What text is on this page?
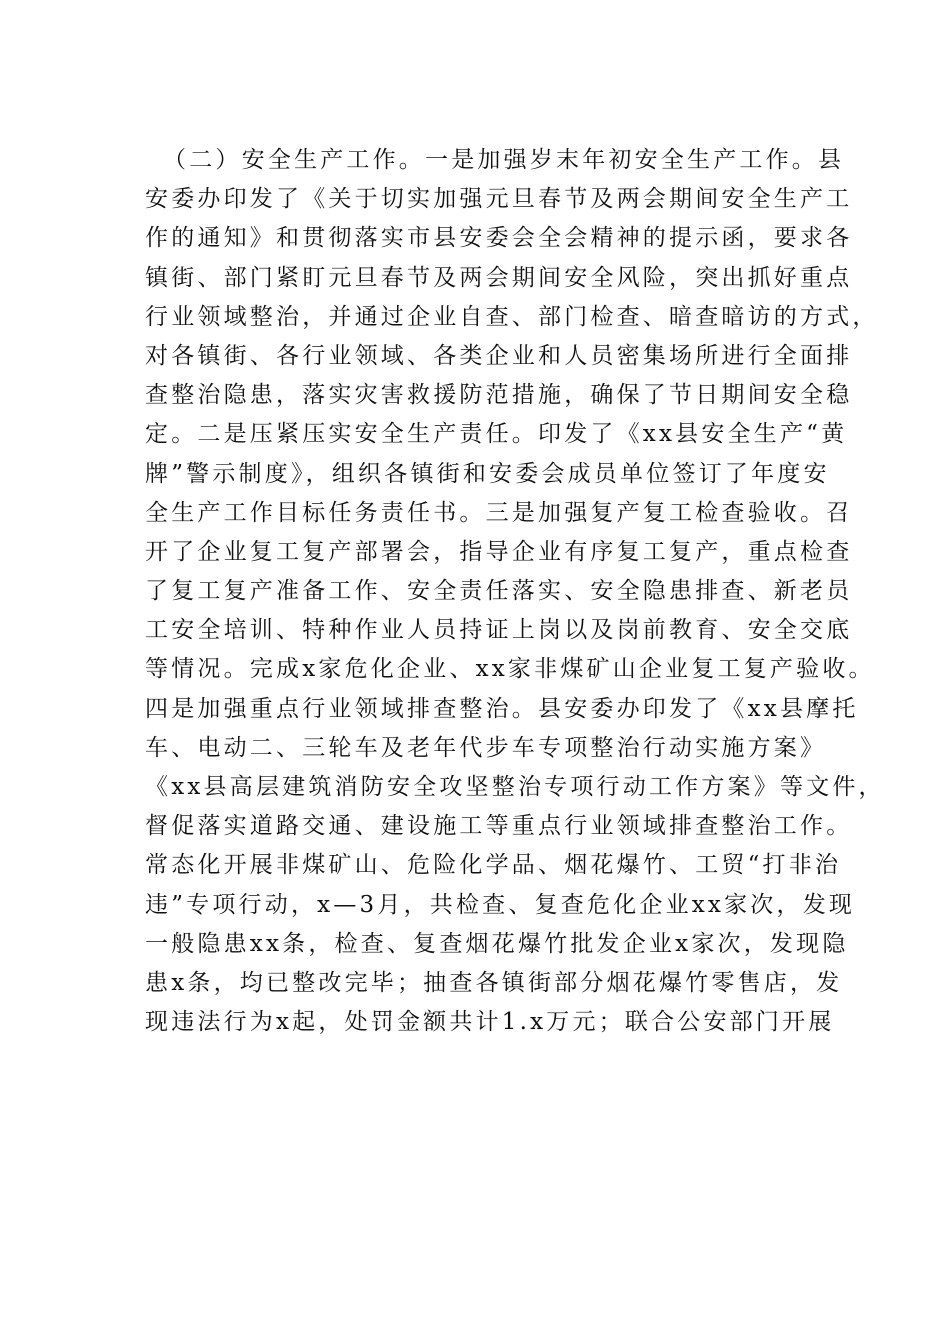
（二）安全生产工作。一是加强岁末年初安全生产工作。县
安委办印发了《关于切实加强元旦春节及两会期间安全生产工
作的通知》和贯彻落实市县安委会全会精神的提示函，要求各
镇街、部门紧盯元旦春节及两会期间安全风险，突出抓好重点
行业领域整治，并通过企业自查、部门检查、暗查暗访的方式，
对各镇街、各行业领域、各类企业和人员密集场所进行全面排
查整治隐患，落实灾害救援防范措施，确保了节日期间安全稳
定。二是压紧压实安全生产责任。印发了《xx县安全生产“黄
牌”警示制度》，组织各镇街和安委会成员单位签订了年度安
全生产工作目标任务责任书。三是加强复产复工检查验收。召
开了企业复工复产部署会，指导企业有序复工复产，重点检查
了复工复产准备工作、安全责任落实、安全隐患排查、新老员
工安全培训、特种作业人员持证上岗以及岗前教育、安全交底
等情况。完成x家危化企业、xx家非煤矿山企业复工复产验收。
四是加强重点行业领域排查整治。县安委办印发了《xx县摩托
车、电动二、三轮车及老年代步车专项整治行动实施方案》
《xx县高层建筑消防安全攻坚整治专项行动工作方案》等文件，
督促落实道路交通、建设施工等重点行业领域排查整治工作。
常态化开展非煤矿山、危险化学品、烟花爆竹、工贸“打非治
违”专项行动，x—3月，共检查、复查危化企业xx家次，发现
一般隐患xx条，检查、复查烟花爆竹批发企业x家次，发现隐
患x条，均已整改完毕；抽查各镇街部分烟花爆竹零售店，发
现违法行为x起，处罚金额共计1.x万元；联合公安部门开展
